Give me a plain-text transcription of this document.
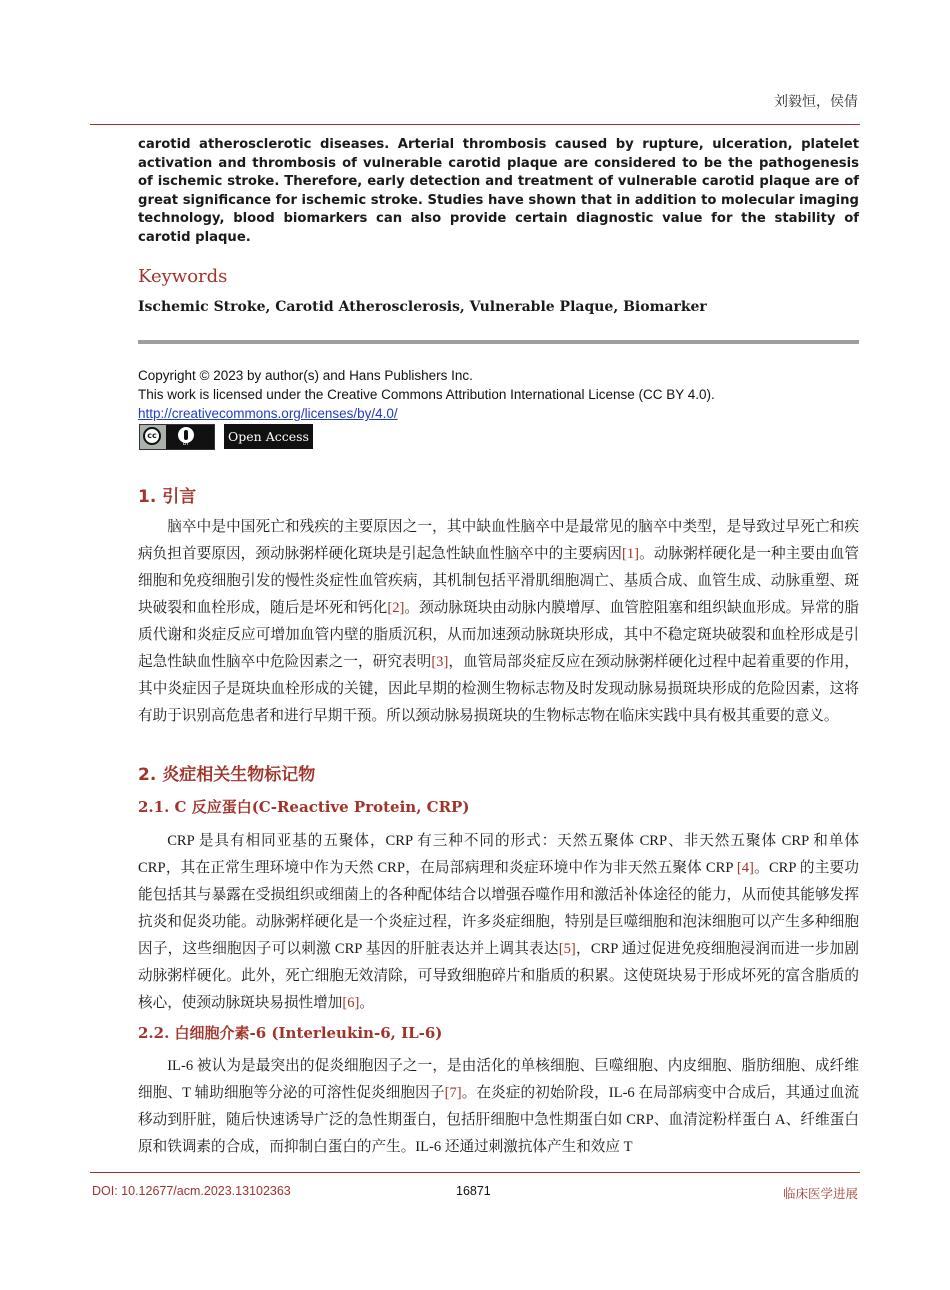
刘毅恒，侯倩

carotid atherosclerotic diseases. Arterial thrombosis caused by rupture, ulceration, platelet activation and thrombosis of vulnerable carotid plaque are considered to be the pathogenesis of ischemic stroke. Therefore, early detection and treatment of vulnerable carotid plaque are of great significance for ischemic stroke. Studies have shown that in addition to molecular imaging technology, blood biomarkers can also provide certain diagnostic value for the stability of carotid plaque.

Keywords

Ischemic Stroke, Carotid Atherosclerosis, Vulnerable Plaque, Biomarker

Copyright © 2023 by author(s) and Hans Publishers Inc.
This work is licensed under the Creative Commons Attribution International License (CC BY 4.0).
http://creativecommons.org/licenses/by/4.0/
cc
BY	Open Access
1. 引言

脑卒中是中国死亡和残疾的主要原因之一，其中缺血性脑卒中是最常见的脑卒中类型，是导致过早死亡和疾病负担首要原因，颈动脉粥样硬化斑块是引起急性缺血性脑卒中的主要病因[1]。动脉粥样硬化是一种主要由血管细胞和免疫细胞引发的慢性炎症性血管疾病，其机制包括平滑肌细胞凋亡、基质合成、血管生成、动脉重塑、斑块破裂和血栓形成，随后是坏死和钙化[2]。颈动脉斑块由动脉内膜增厚、血管腔阻塞和组织缺血形成。异常的脂质代谢和炎症反应可增加血管内壁的脂质沉积，从而加速颈动脉斑块形成，其中不稳定斑块破裂和血栓形成是引起急性缺血性脑卒中危险因素之一，研究表明[3]，血管局部炎症反应在颈动脉粥样硬化过程中起着重要的作用，其中炎症因子是斑块血栓形成的关键，因此早期的检测生物标志物及时发现动脉易损斑块形成的危险因素，这将有助于识别高危患者和进行早期干预。所以颈动脉易损斑块的生物标志物在临床实践中具有极其重要的意义。

2. 炎症相关生物标记物
2.1. C 反应蛋白(C-Reactive Protein, CRP)

CRP 是具有相同亚基的五聚体，CRP 有三种不同的形式：天然五聚体 CRP、非天然五聚体 CRP 和单体 CRP，其在正常生理环境中作为天然 CRP，在局部病理和炎症环境中作为非天然五聚体 CRP [4]。CRP 的主要功能包括其与暴露在受损组织或细菌上的各种配体结合以增强吞噬作用和激活补体途径的能力，从而使其能够发挥抗炎和促炎功能。动脉粥样硬化是一个炎症过程，许多炎症细胞，特别是巨噬细胞和泡沫细胞可以产生多种细胞因子，这些细胞因子可以刺激 CRP 基因的肝脏表达并上调其表达[5]，CRP 通过促进免疫细胞浸润而进一步加剧动脉粥样硬化。此外，死亡细胞无效清除，可导致细胞碎片和脂质的积累。这使斑块易于形成坏死的富含脂质的核心，使颈动脉斑块易损性增加[6]。

2.2. 白细胞介素-6 (Interleukin-6, IL-6)

IL-6 被认为是最突出的促炎细胞因子之一，是由活化的单核细胞、巨噬细胞、内皮细胞、脂肪细胞、成纤维细胞、T 辅助细胞等分泌的可溶性促炎细胞因子[7]。在炎症的初始阶段，IL-6 在局部病变中合成后，其通过血流移动到肝脏，随后快速诱导广泛的急性期蛋白，包括肝细胞中急性期蛋白如 CRP、血清淀粉样蛋白 A、纤维蛋白原和铁调素的合成，而抑制白蛋白的产生。IL-6 还通过刺激抗体产生和效应 T

DOI: 10.12677/acm.2023.13102363	16871	临床医学进展
